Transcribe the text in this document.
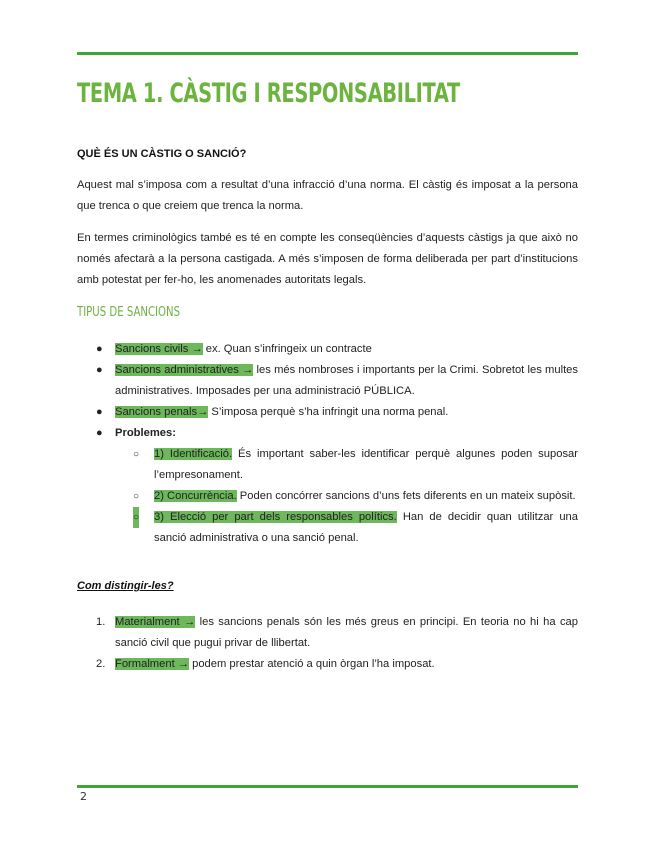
TEMA 1. CÀSTIG I RESPONSABILITAT
QUÈ ÉS UN CÀSTIG O SANCIÓ?
Aquest mal s’imposa com a resultat d’una infracció d’una norma. El càstig és imposat a la persona que trenca o que creiem que trenca la norma.
En termes criminològics també es té en compte les conseqüències d’aquests càstigs ja que això no només afectarà a la persona castigada. A més s’imposen de forma deliberada per part d’institucions amb potestat per fer-ho, les anomenades autoritats legals.
TIPUS DE SANCIONS
● Sancions civils → ex. Quan s’infringeix un contracte
● Sancions administratives → les més nombroses i importants per la Crimi. Sobretot les multes administratives. Imposades per una administració PÚBLICA.
● Sancions penals→ S’imposa perquè s’ha infringit una norma penal.
● Problemes:
○ 1) Identificació. És important saber-les identificar perquè algunes poden suposar l’empresonament.
○ 2) Concurrència. Poden concórrer sancions d’uns fets diferents en un mateix supòsit.
○ 3) Elecció per part dels responsables polítics. Han de decidir quan utilitzar una sanció administrativa o una sanció penal.
Com distingir-les?
1. Materialment → les sancions penals són les més greus en principi. En teoria no hi ha cap sanció civil que pugui privar de llibertat.
2. Formalment → podem prestar atenció a quin òrgan l’ha imposat.
2
